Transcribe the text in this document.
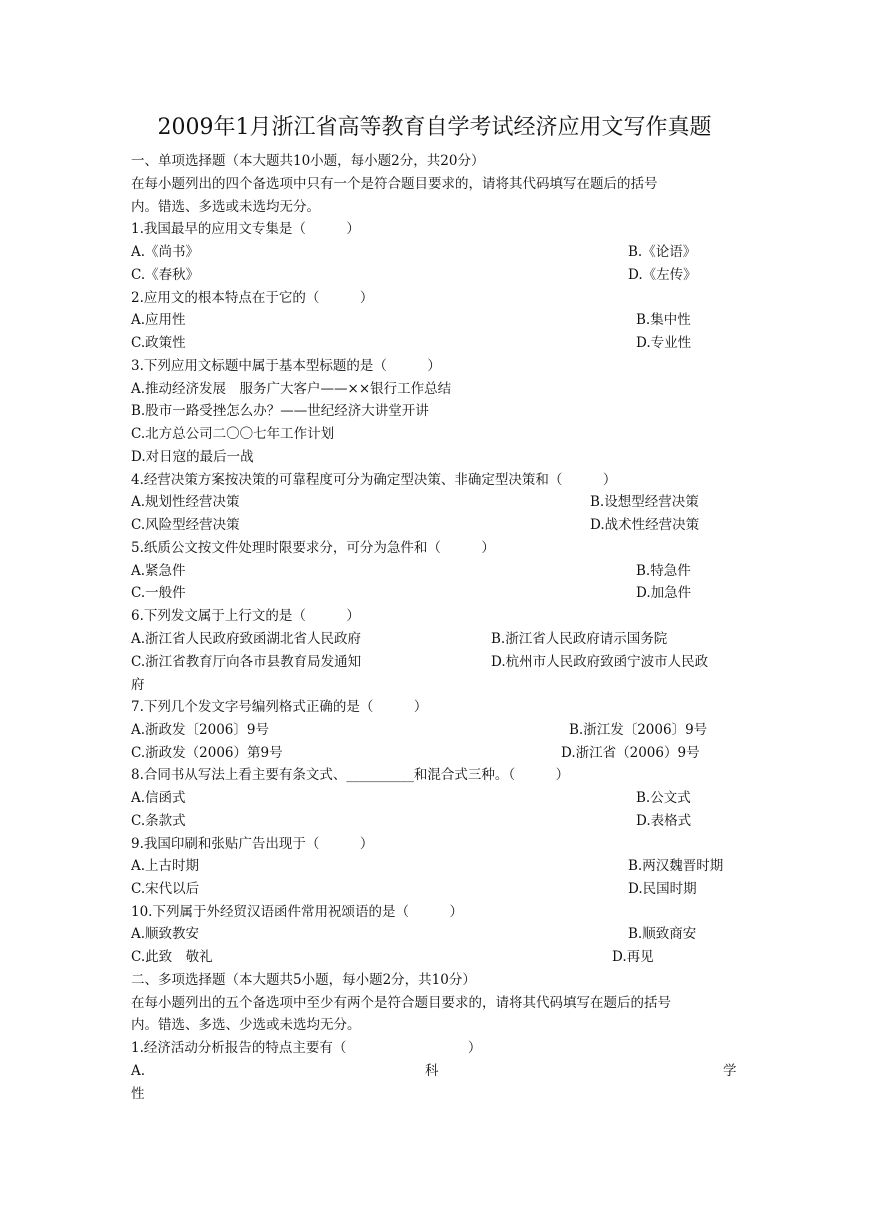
2009年1月浙江省高等教育自学考试经济应用文写作真题
一、单项选择题（本大题共10小题，每小题2分，共20分）
在每小题列出的四个备选项中只有一个是符合题目要求的，请将其代码填写在题后的括号
内。错选、多选或未选均无分。
1.我国最早的应用文专集是（　　　）
A.《尚书》	B.《论语》
C.《春秋》	D.《左传》
2.应用文的根本特点在于它的（　　　）
A.应用性	B.集中性
C.政策性	D.专业性
3.下列应用文标题中属于基本型标题的是（　　　）
A.推动经济发展　服务广大客户——××银行工作总结
B.股市一路受挫怎么办？——世纪经济大讲堂开讲
C.北方总公司二〇〇七年工作计划
D.对日寇的最后一战
4.经营决策方案按决策的可靠程度可分为确定型决策、非确定型决策和（　　　）
A.规划性经营决策	B.设想型经营决策
C.风险型经营决策	D.战术性经营决策
5.纸质公文按文件处理时限要求分，可分为急件和（　　　）
A.紧急件	B.特急件
C.一般件	D.加急件
6.下列发文属于上行文的是（　　　）
A.浙江省人民政府致函湖北省人民政府	B.浙江省人民政府请示国务院
C.浙江省教育厅向各市县教育局发通知	D.杭州市人民政府致函宁波市人民政
府
7.下列几个发文字号编列格式正确的是（　　　）
A.浙政发〔2006〕9号	B.浙江发〔2006〕9号
C.浙政发（2006）第9号	D.浙江省（2006）9号
8.合同书从写法上看主要有条文式、__________和混合式三种。（　　　）
A.信函式	B.公文式
C.条款式	D.表格式
9.我国印刷和张贴广告出现于（　　　）
A.上古时期	B.两汉魏晋时期
C.宋代以后	D.民国时期
10.下列属于外经贸汉语函件常用祝颂语的是（　　　）
A.顺致教安	B.顺致商安
C.此致　敬礼	D.再见
二、多项选择题（本大题共5小题，每小题2分，共10分）
在每小题列出的五个备选项中至少有两个是符合题目要求的，请将其代码填写在题后的括号
内。错选、多选、少选或未选均无分。
1.经济活动分析报告的特点主要有（　　　　　　　　　）
A.	科	学
性
